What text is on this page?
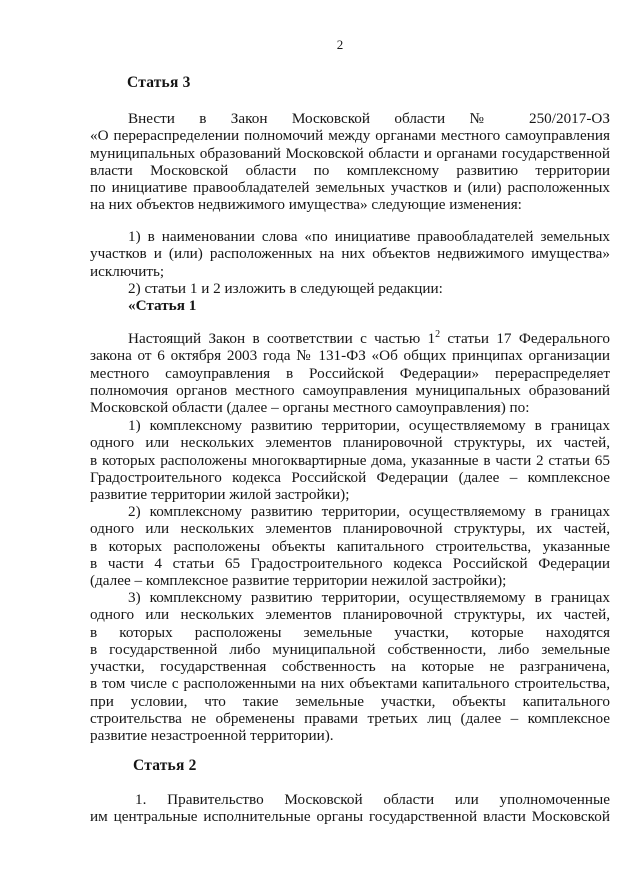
2
Статья 3
Внести в Закон Московской области № 250/2017-ОЗ
«О перераспределении полномочий между органами местного самоуправления
муниципальных образований Московской области и органами государственной
власти Московской области по комплексному развитию территории
по инициативе правообладателей земельных участков и (или) расположенных
на них объектов недвижимого имущества» следующие изменения:
1) в наименовании слова «по инициативе правообладателей земельных
участков и (или) расположенных на них объектов недвижимого имущества»
исключить;
2) статьи 1 и 2 изложить в следующей редакции:
«Статья 1
Настоящий Закон в соответствии с частью $1^2$ статьи 17 Федерального
закона от 6 октября 2003 года № 131-ФЗ «Об общих принципах организации
местного самоуправления в Российской Федерации» перераспределяет
полномочия органов местного самоуправления муниципальных образований
Московской области (далее – органы местного самоуправления) по:
1) комплексному развитию территории, осуществляемому в границах
одного или нескольких элементов планировочной структуры, их частей,
в которых расположены многоквартирные дома, указанные в части 2 статьи 65
Градостроительного кодекса Российской Федерации (далее – комплексное
развитие территории жилой застройки);
2) комплексному развитию территории, осуществляемому в границах
одного или нескольких элементов планировочной структуры, их частей,
в которых расположены объекты капитального строительства, указанные
в части 4 статьи 65 Градостроительного кодекса Российской Федерации
(далее – комплексное развитие территории нежилой застройки);
3) комплексному развитию территории, осуществляемому в границах
одного или нескольких элементов планировочной структуры, их частей,
в которых расположены земельные участки, которые находятся
в государственной либо муниципальной собственности, либо земельные
участки, государственная собственность на которые не разграничена,
в том числе с расположенными на них объектами капитального строительства,
при условии, что такие земельные участки, объекты капитального
строительства не обременены правами третьих лиц (далее – комплексное
развитие незастроенной территории).
Статья 2
1. Правительство Московской области или уполномоченные
им центральные исполнительные органы государственной власти Московской
